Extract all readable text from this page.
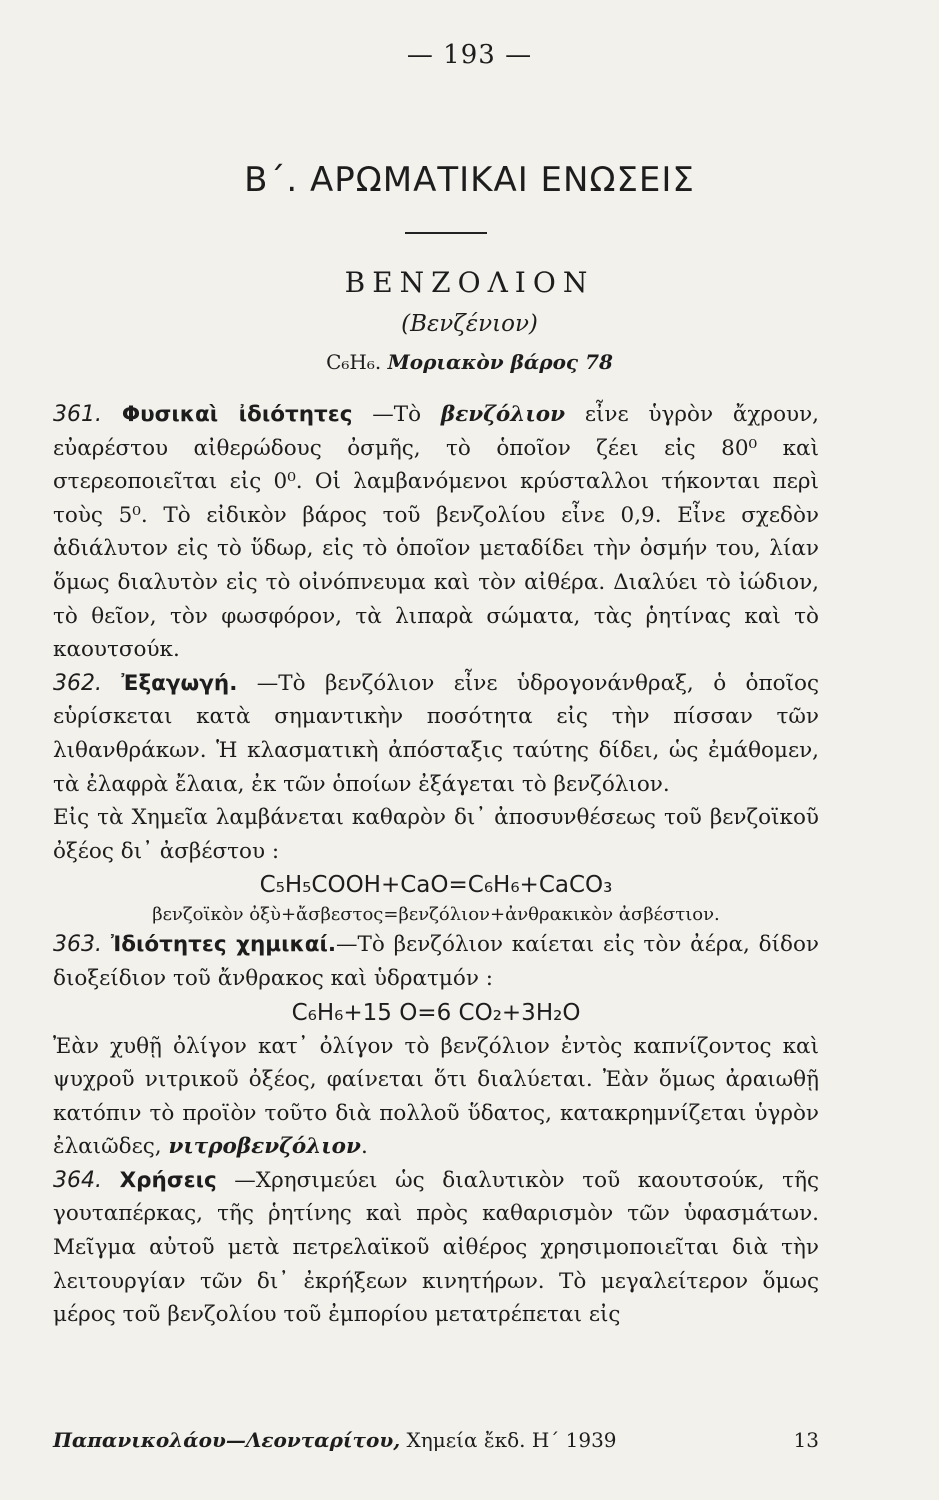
— 193 —
Β΄. ΑΡΩΜΑΤΙΚΑΙ ΕΝΩΣΕΙΣ
ΒΕΝΖΟΛΙΟΝ
(Βενζένιον)
C₆H₆. Μοριακὸν βάρος 78

361. Φυσικαὶ ἰδιότητες —Τὸ βενζόλιον εἶνε ὑγρὸν ἄχρουν, εὐαρέστου αἰθερώδους ὀσμῆς, τὸ ὁποῖον ζέει εἰς 80⁰ καὶ στερεοποιεῖται εἰς 0⁰. Οἱ λαμβανόμενοι κρύσταλλοι τήκονται περὶ τοὺς 5⁰. Τὸ εἰδικὸν βάρος τοῦ βενζολίου εἶνε 0,9. Εἶνε σχεδὸν ἀδιάλυτον εἰς τὸ ὕδωρ, εἰς τὸ ὁποῖον μεταδίδει τὴν ὀσμήν του, λίαν ὅμως διαλυτὸν εἰς τὸ οἰνόπνευμα καὶ τὸν αἰθέρα. Διαλύει τὸ ἰώδιον, τὸ θεῖον, τὸν φωσφόρον, τὰ λιπαρὰ σώματα, τὰς ῥητίνας καὶ τὸ καουτσούκ.

362. Ἐξαγωγή. —Τὸ βενζόλιον εἶνε ὑδρογονάνθραξ, ὁ ὁποῖος εὑρίσκεται κατὰ σημαντικὴν ποσότητα εἰς τὴν πίσσαν τῶν λιθανθράκων. Ἡ κλασματικὴ ἀπόσταξις ταύτης δίδει, ὡς ἐμάθομεν, τὰ ἐλαφρὰ ἔλαια, ἐκ τῶν ὁποίων ἐξάγεται τὸ βενζόλιον.

Εἰς τὰ Χημεῖα λαμβάνεται καθαρὸν δι᾿ ἀποσυνθέσεως τοῦ βενζοϊκοῦ ὀξέος δι᾿ ἀσβέστου :

C₅H₅COOH+CaO=C₆H₆+CaCO₃
βενζοϊκὸν ὀξὺ+ἄσβεστος=βενζόλιον+ἀνθρακικὸν ἀσβέστιον.

363. Ἰδιότητες χημικαί.—Τὸ βενζόλιον καίεται εἰς τὸν ἀέρα, δίδον διοξείδιον τοῦ ἄνθρακος καὶ ὑδρατμόν :

C₆H₆+15 O=6 CO₂+3H₂O

Ἐὰν χυθῇ ὀλίγον κατ᾿ ὀλίγον τὸ βενζόλιον ἐντὸς καπνίζοντος καὶ ψυχροῦ νιτρικοῦ ὀξέος, φαίνεται ὅτι διαλύεται. Ἐὰν ὅμως ἀραιωθῇ κατόπιν τὸ προϊὸν τοῦτο διὰ πολλοῦ ὕδατος, κατακρημνίζεται ὑγρὸν ἐλαιῶδες, νιτροβενζόλιον.

364. Χρήσεις —Χρησιμεύει ὡς διαλυτικὸν τοῦ καουτσούκ, τῆς γουταπέρκας, τῆς ῥητίνης καὶ πρὸς καθαρισμὸν τῶν ὑφασμάτων. Μεῖγμα αὐτοῦ μετὰ πετρελαϊκοῦ αἰθέρος χρησιμοποιεῖται διὰ τὴν λειτουργίαν τῶν δι᾿ ἐκρήξεων κινητήρων. Τὸ μεγαλείτερον ὅμως μέρος τοῦ βενζολίου τοῦ ἐμπορίου μετατρέπεται εἰς

Παπανικολάου—Λεονταρίτου, Χημεία ἔκδ. Η΄ 1939	13
